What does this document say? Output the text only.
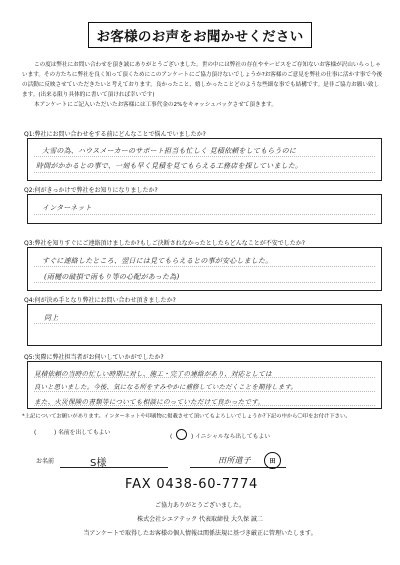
お客様のお声をお聞かせください

この度は弊社にお問い合わせを頂き誠にありがとうございました。世の中には弊社の存在やサービスをご存知ないお客様が沢山いらっしゃいます。その方たちに弊社を良く知って頂くためにこのアンケートにご協力頂けないでしょうか?お客様のご意見を弊社の仕事に活かす事で今後の活動に反映させていただきたいと考えております。良かったこと、嬉しかったことどのような些細な事でも結構です。是非ご協力お願い致します。(出来る限り具体的に書いて頂ければ幸いです)

本アンケートにご記入いただいたお客様には工事代金の2%をキャッシュバックさせて頂きます。

Q1:弊社にお問い合わせをする前にどんなことで悩んでいましたか?
大雪の為、ハウスメーカーのサポート担当も忙しく 見積依頼をしてもらうのに
時間がかかるとの事で、一刻も早く見積を見てもらえる工務店を探していました。
Q2:何がきっかけで弊社をお知りになりましたか?
インターネット
Q3:弊社を知りすぐにご連絡頂けましたか?もしご決断されなかったとしたらどんなことが不安でしたか?
すぐに連絡したところ、翌日には見てもらえるとの事が安心しました。
(雨樋の破損で雨もり等の心配があった為)
Q4:何が決め手となり弊社にお問い合わせ頂きましたか?
同上
Q5:実際に弊社担当者がお伺いしていかがでしたか?
見積依頼の当時の忙しい時期に対し、施工・完了の連絡があり、対応としては
良いと思いました。今後、気になる所をすみやかに補修していただくことを期待します。
また、火災保険の書類等についても相談にのっていただけて良かったです。
*上記についてお願いがあります。インターネットや印刷物に掲載させて頂いてもよろしいでしょうか?下記の中から〇印をお付け下さい。
(	) 名前を出してもよい
(	) イニシャルなら出してもよい
お名前	S様	田所道子	田
FAX 0438-60-7774
ご協力ありがとうございました。
株式会社シエアテック 代表取締役 大久保 誠二
当アンケートで取得したお客様の個人情報は関係法規に基づき厳正に管理いたします。
